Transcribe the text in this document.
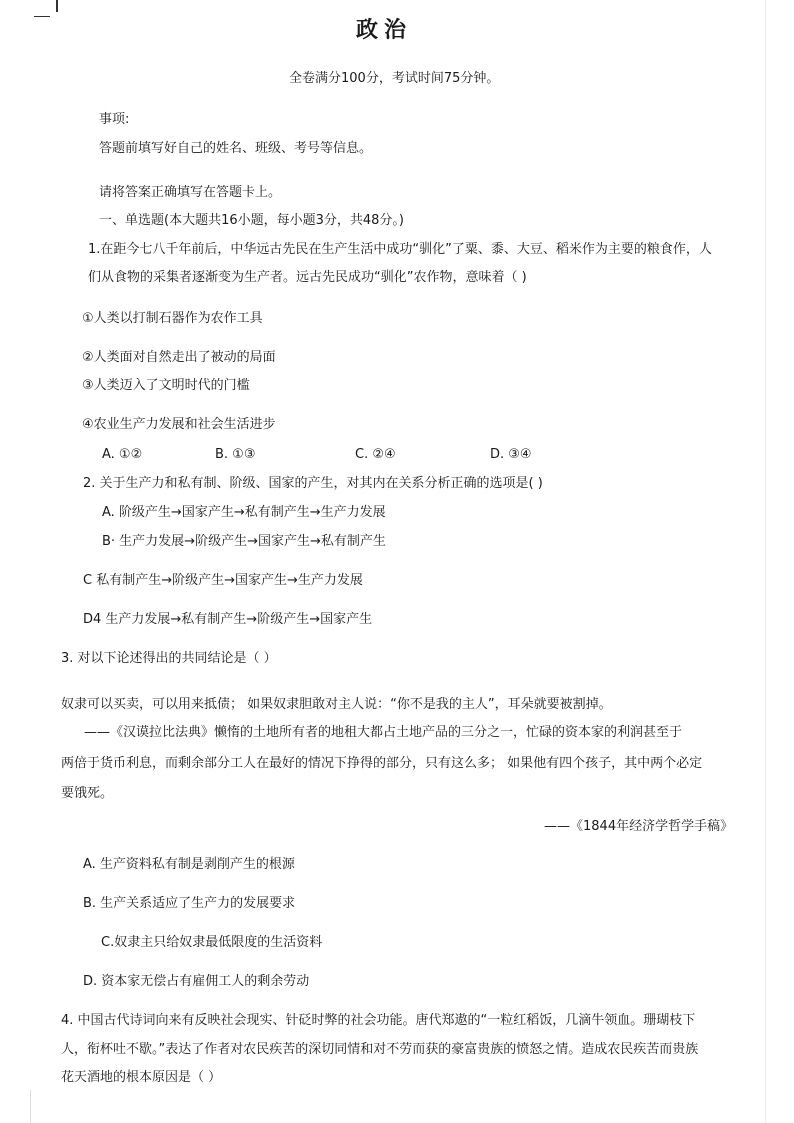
政治
全卷满分100分，考试时间75分钟。
事项:
答题前填写好自己的姓名、班级、考号等信息。
请将答案正确填写在答题卡上。
一、单选题(本大题共16小题，每小题3分，共48分。)
1.在距今七八千年前后，中华远古先民在生产生活中成功“驯化”了粟、黍、大豆、稻米作为主要的粮食作，人
们从食物的采集者逐渐变为生产者。远古先民成功“驯化”农作物，意味着（ )
①人类以打制石器作为农作工具
②人类面对自然走出了被动的局面
③人类迈入了文明时代的门槛
④农业生产力发展和社会生活进步
A. ①②	B. ①③	C. ②④	D. ③④
2. 关于生产力和私有制、阶级、国家的产生，对其内在关系分析正确的选项是( )
A. 阶级产生→国家产生→私有制产生→生产力发展
B· 生产力发展→阶级产生→国家产生→私有制产生
C 私有制产生→阶级产生→国家产生→生产力发展
D4 生产力发展→私有制产生→阶级产生→国家产生
3. 对以下论述得出的共同结论是（ ）
奴隶可以买卖，可以用来抵债； 如果奴隶胆敢对主人说：“你不是我的主人”，耳朵就要被割掉。
——《汉谟拉比法典》懒惰的土地所有者的地租大都占土地产品的三分之一，忙碌的资本家的利润甚至于
两倍于货币利息，而剩余部分工人在最好的情况下挣得的部分，只有这么多； 如果他有四个孩子，其中两个必定
要饿死。
——《1844年经济学哲学手稿》
A. 生产资料私有制是剥削产生的根源
B. 生产关系适应了生产力的发展要求
C.奴隶主只给奴隶最低限度的生活资料
D. 资本家无偿占有雇佣工人的剩余劳动
4. 中国古代诗词向来有反映社会现实、针砭时弊的社会功能。唐代郑遨的“一粒红稻饭，几滴牛领血。珊瑚枝下
人，衔杯吐不歇。”表达了作者对农民疾苦的深切同情和对不劳而获的豪富贵族的愤怒之情。造成农民疾苦而贵族
花天酒地的根本原因是（ ）
